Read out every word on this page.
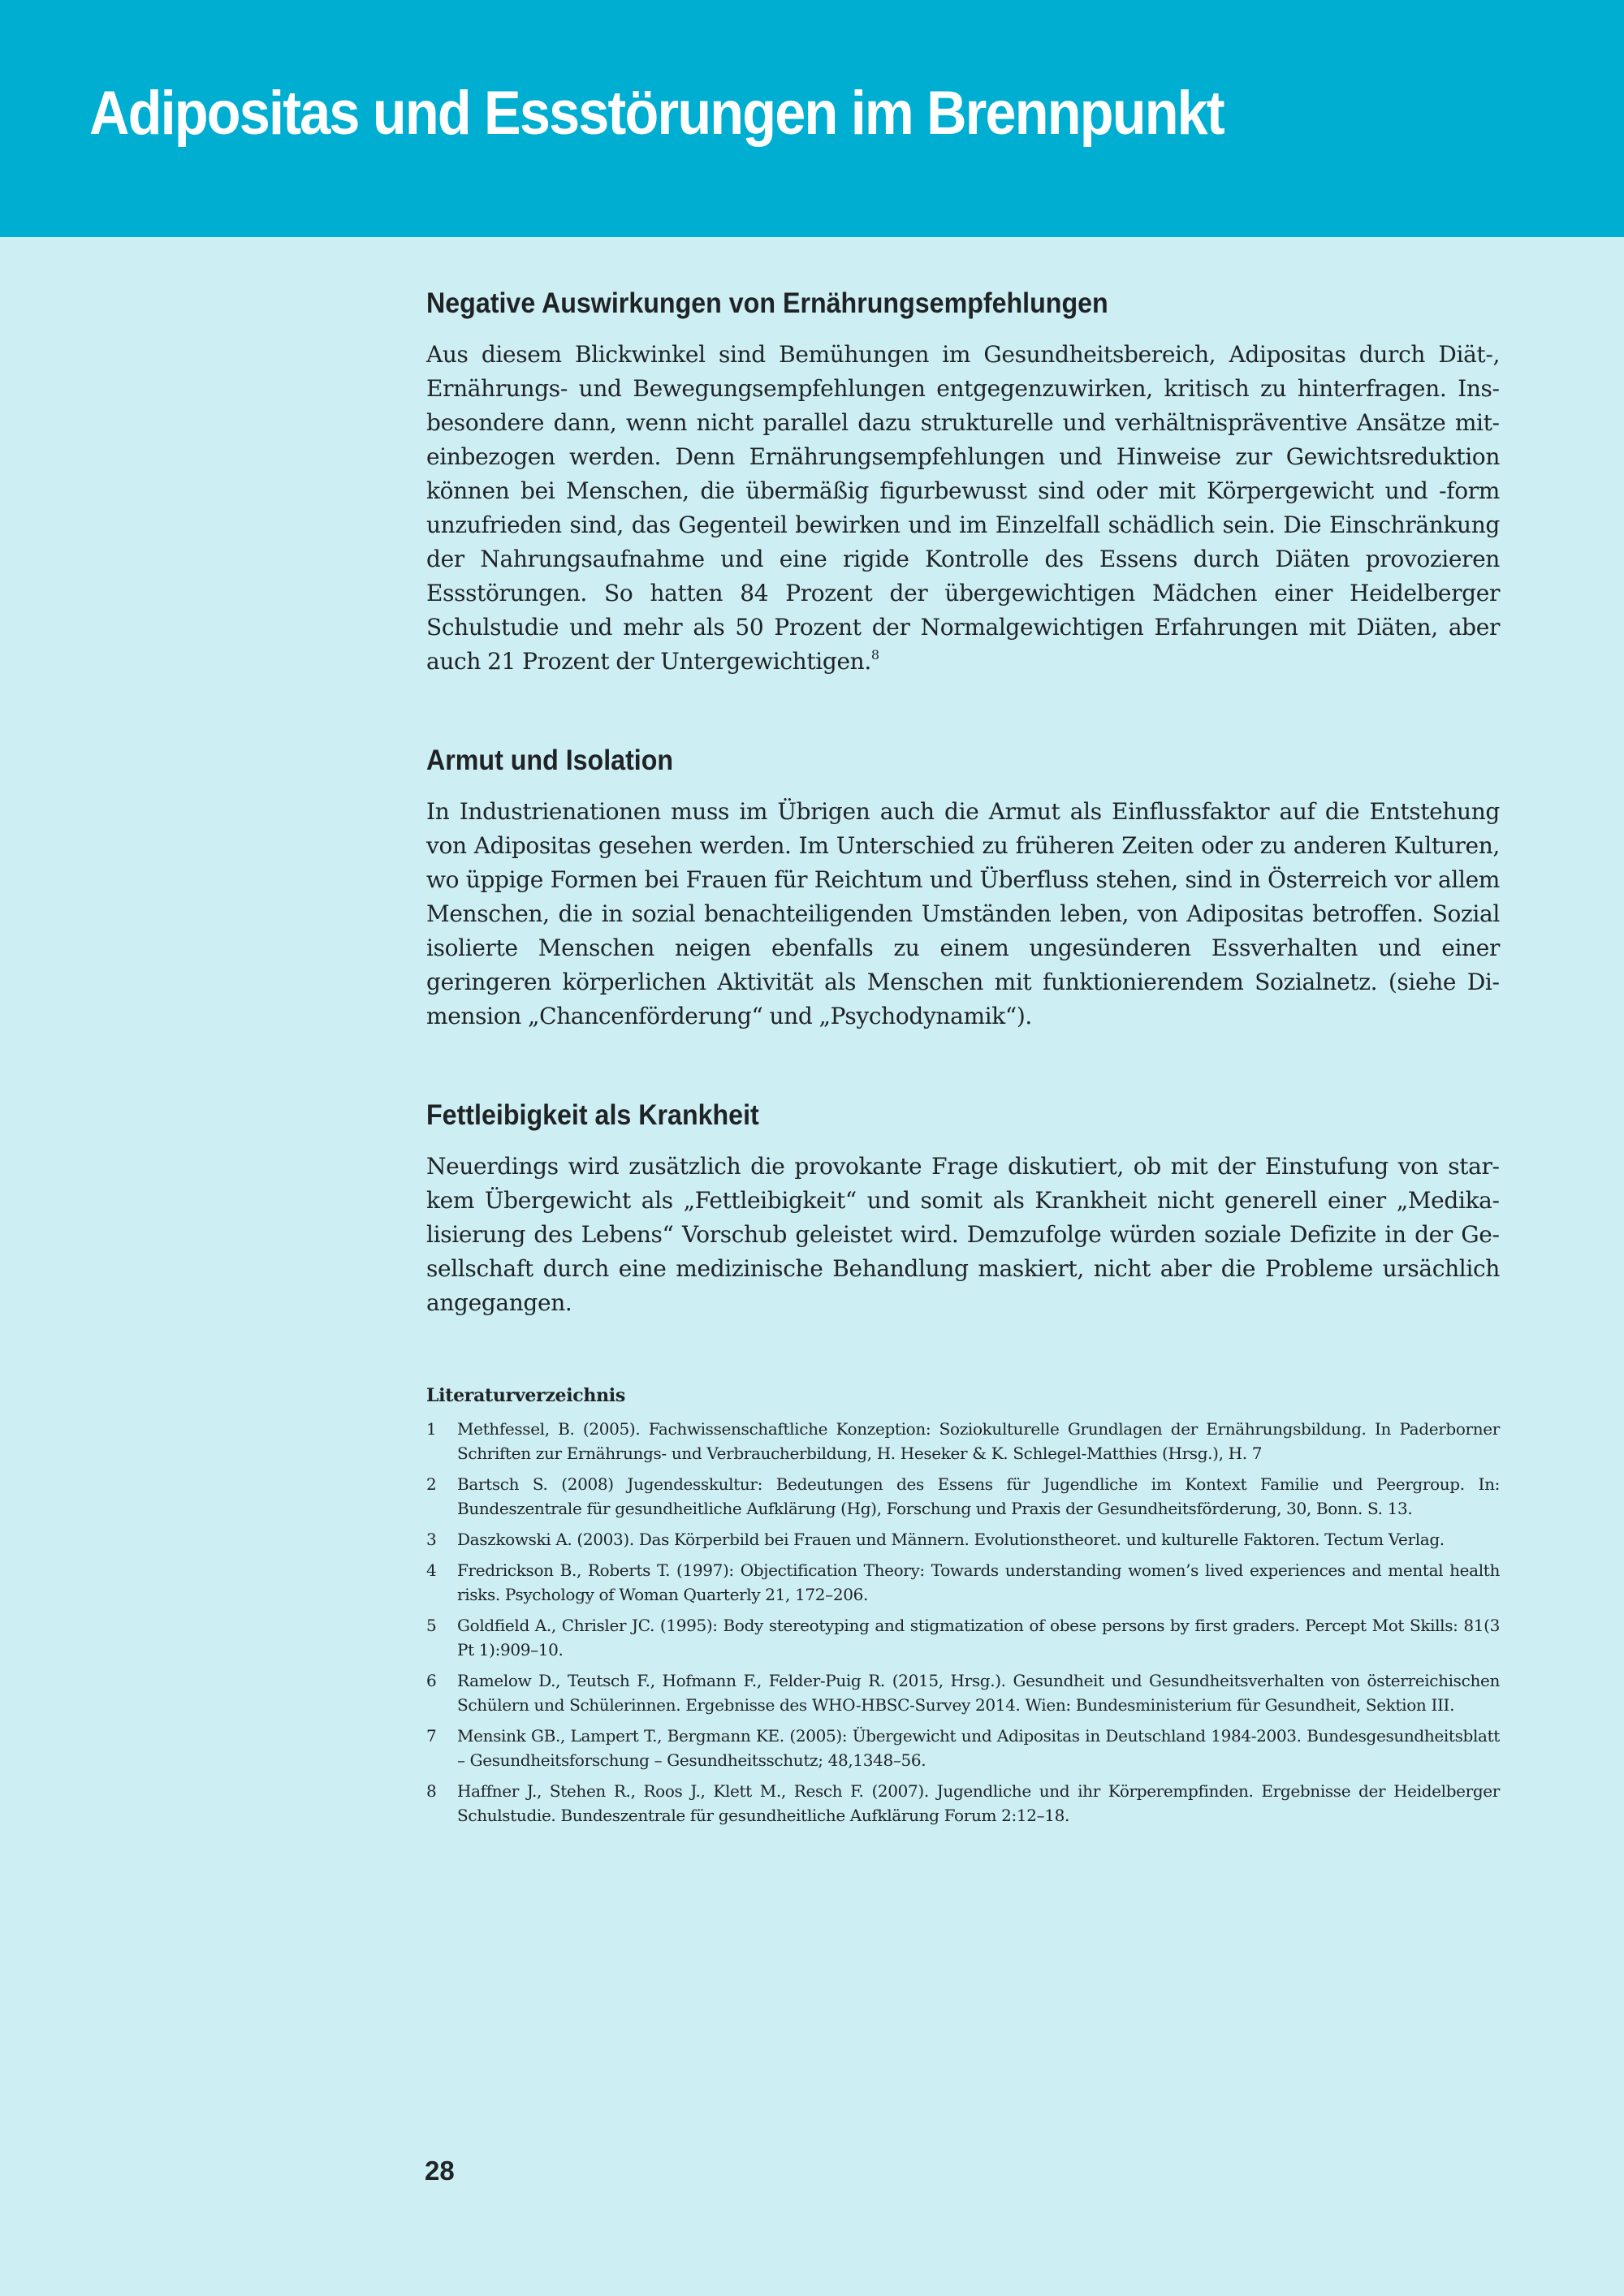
Adipositas und Essstörungen im Brennpunkt
Negative Auswirkungen von Ernährungsempfehlungen

Aus diesem Blickwinkel sind Bemühungen im Gesundheitsbereich, Adipositas durch Diät-, Ernährungs- und Bewegungsempfehlungen entgegenzuwirken, kritisch zu hinterfragen. Insbesondere dann, wenn nicht parallel dazu strukturelle und verhältnispräventive Ansätze miteinbezogen werden. Denn Ernährungsempfehlungen und Hinweise zur Gewichtsreduktion können bei Menschen, die übermäßig figurbewusst sind oder mit Körpergewicht und -form unzufrieden sind, das Gegenteil bewirken und im Einzelfall schädlich sein. Die Einschränkung der Nahrungsaufnahme und eine rigide Kontrolle des Essens durch Diäten provozieren Essstörungen. So hatten 84 Prozent der übergewichtigen Mädchen einer Heidelberger Schulstudie und mehr als 50 Prozent der Normalgewichtigen Erfahrungen mit Diäten, aber auch 21 Prozent der Untergewichtigen.$^8$

Armut und Isolation

In Industrienationen muss im Übrigen auch die Armut als Einflussfaktor auf die Entstehung von Adipositas gesehen werden. Im Unterschied zu früheren Zeiten oder zu anderen Kulturen, wo üppige Formen bei Frauen für Reichtum und Überfluss stehen, sind in Österreich vor allem Menschen, die in sozial benachteiligenden Umständen leben, von Adipositas betroffen. Sozial isolierte Menschen neigen ebenfalls zu einem ungesünderen Essverhalten und einer geringeren körperlichen Aktivität als Menschen mit funktionierendem Sozialnetz. (siehe Dimension „Chancenförderung“ und „Psychodynamik“).

Fettleibigkeit als Krankheit

Neuerdings wird zusätzlich die provokante Frage diskutiert, ob mit der Einstufung von starkem Übergewicht als „Fettleibigkeit“ und somit als Krankheit nicht generell einer „Medikalisierung des Lebens“ Vorschub geleistet wird. Demzufolge würden soziale Defizite in der Gesellschaft durch eine medizinische Behandlung maskiert, nicht aber die Probleme ursächlich angegangen.

Literaturverzeichnis
1	Methfessel, B. (2005). Fachwissenschaftliche Konzeption: Soziokulturelle Grundlagen der Ernährungsbildung. In Paderborner Schriften zur Ernährungs- und Verbraucherbildung, H. Heseker & K. Schlegel-Matthies (Hrsg.), H. 7
2	Bartsch S. (2008) Jugendesskultur: Bedeutungen des Essens für Jugendliche im Kontext Familie und Peergroup. In: Bundeszentrale für gesundheitliche Aufklärung (Hg), Forschung und Praxis der Gesundheitsförderung, 30, Bonn. S. 13.
3	Daszkowski A. (2003). Das Körperbild bei Frauen und Männern. Evolutionstheoret. und kulturelle Faktoren. Tectum Verlag.
4	Fredrickson B., Roberts T. (1997): Objectification Theory: Towards understanding women’s lived experiences and mental health risks. Psychology of Woman Quarterly 21, 172–206.
5	Goldfield A., Chrisler JC. (1995): Body stereotyping and stigmatization of obese persons by first graders. Percept Mot Skills: 81(3 Pt 1):909–10.
6	Ramelow D., Teutsch F., Hofmann F., Felder-Puig R. (2015, Hrsg.). Gesundheit und Gesundheitsverhalten von österreichischen Schülern und Schülerinnen. Ergebnisse des WHO-HBSC-Survey 2014. Wien: Bundesministerium für Gesundheit, Sektion III.
7	Mensink GB., Lampert T., Bergmann KE. (2005): Übergewicht und Adipositas in Deutschland 1984-2003. Bundesgesundheitsblatt – Gesundheitsforschung – Gesundheitsschutz; 48,1348–56.
8	Haffner J., Stehen R., Roos J., Klett M., Resch F. (2007). Jugendliche und ihr Körperempfinden. Ergebnisse der Heidelberger Schulstudie. Bundeszentrale für gesundheitliche Aufklärung Forum 2:12–18.

28
